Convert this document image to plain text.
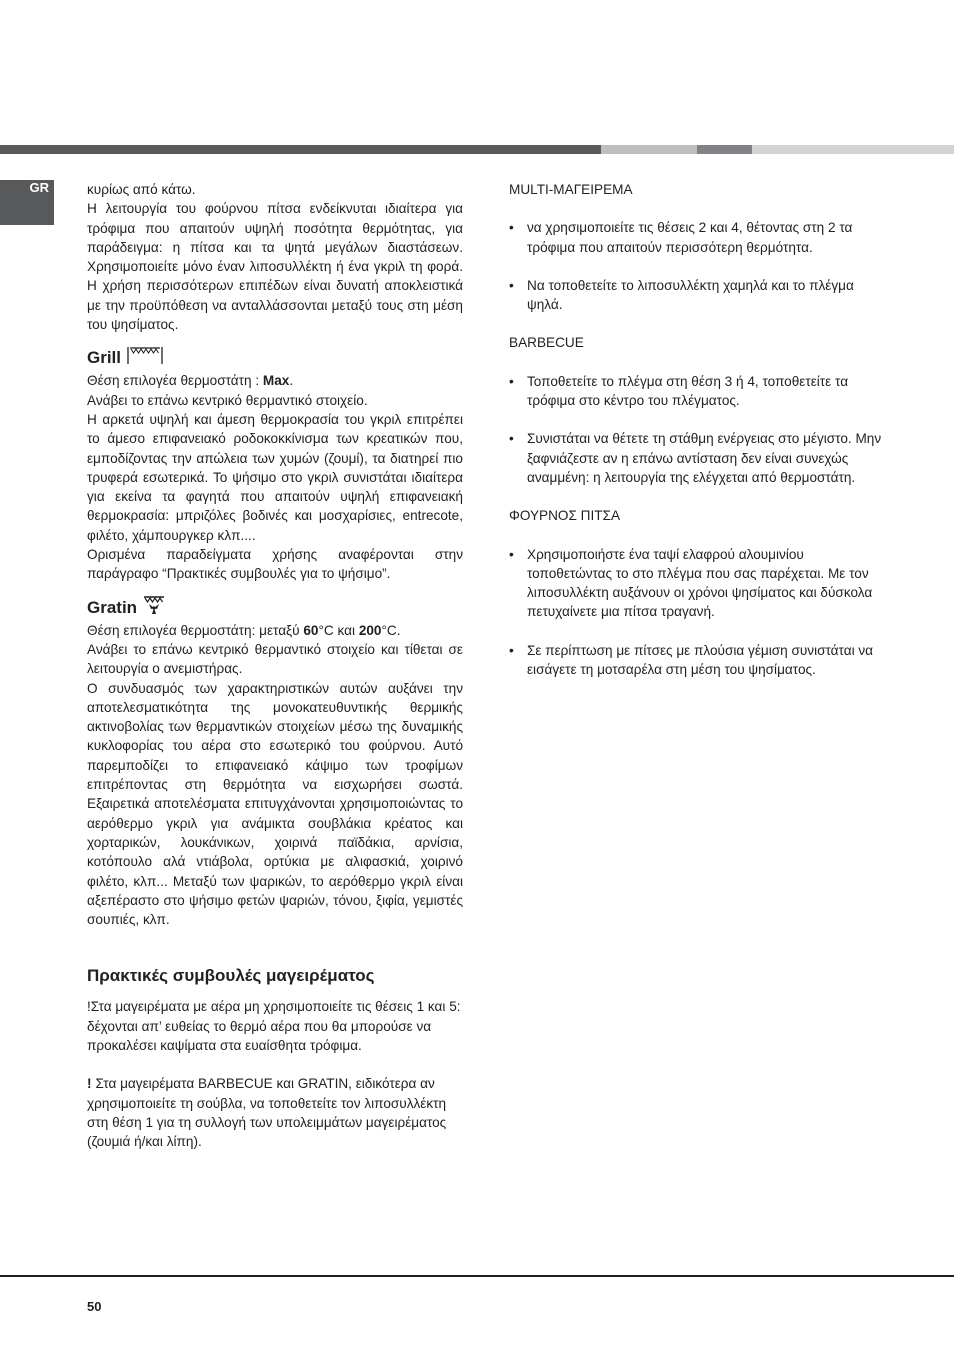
GR	κυρίως από κάτω.

Η λειτουργία του φούρνου πίτσα ενδείκνυται ιδιαίτερα για τρόφιμα που απαιτούν υψηλή ποσότητα θερμότητας, για παράδειγμα: η πίτσα και τα ψητά μεγάλων διαστάσεων. Χρησιμοποιείτε μόνο έναν λιποσυλλέκτη ή ένα γκριλ τη φορά. Η χρήση περισσότερων επιπέδων είναι δυνατή αποκλειστικά με την προϋπόθεση να ανταλλάσσονται μεταξύ τους στη μέση του ψησίματος.

Grill

Θέση επιλογέα θερμοστάτη : Max.

Ανάβει το επάνω κεντρικό θερμαντικό στοιχείο.

Η αρκετά υψηλή και άμεση θερμοκρασία του γκριλ επιτρέπει το άμεσο επιφανειακό ροδοκοκκίνισμα των κρεατικών που, εμποδίζοντας την απώλεια των χυμών (ζουμί), τα διατηρεί πιο τρυφερά εσωτερικά. Το ψήσιμο στο γκριλ συνιστάται ιδιαίτερα για εκείνα τα φαγητά που απαιτούν υψηλή επιφανειακή θερμοκρασία: μπριζόλες βοδινές και μοσχαρίσιες, entrecote, φιλέτο, χάμπουργκερ κλπ....

Ορισμένα παραδείγματα χρήσης αναφέρονται στην παράγραφο “Πρακτικές συμβουλές για το ψήσιμο”.

Gratin

Θέση επιλογέα θερμοστάτη: μεταξύ 60°C και 200°C.

Ανάβει το επάνω κεντρικό θερμαντικό στοιχείο και τίθεται σε λειτουργία ο ανεμιστήρας.

Ο συνδυασμός των χαρακτηριστικών αυτών αυξάνει την αποτελεσματικότητα της μονοκατευθυντικής θερμικής ακτινοβολίας των θερμαντικών στοιχείων μέσω της δυναμικής κυκλοφορίας του αέρα στο εσωτερικό του φούρνου. Αυτό παρεμποδίζει το επιφανειακό κάψιμο των τροφίμων επιτρέποντας στη θερμότητα να εισχωρήσει σωστά. Εξαιρετικά αποτελέσματα επιτυγχάνονται χρησιμοποιώντας το αερόθερμο γκριλ για ανάμικτα σουβλάκια κρέατος και χορταρικών, λουκάνικων, χοιρινά παϊδάκια, αρνίσια, κοτόπουλο αλά ντιάβολα, ορτύκια με αλιφασκιά, χοιρινό φιλέτο, κλπ... Μεταξύ των ψαρικών, το αερόθερμο γκριλ είναι αξεπέραστο στο ψήσιμο φετών ψαριών, τόνου, ξιφία, γεμιστές σουπιές, κλπ.

Πρακτικές συμβουλές μαγειρέματος

!Στα μαγειρέματα με αέρα μη χρησιμοποιείτε τις θέσεις 1 και 5: δέχονται απ’ ευθείας το θερμό αέρα που θα μπορούσε να προκαλέσει καψίματα στα ευαίσθητα τρόφιμα.

! Στα μαγειρέματα BARBECUE και GRATIN, ειδικότερα αν χρησιμοποιείτε τη σούβλα, να τοποθετείτε τον λιποσυλλέκτη στη θέση 1 για τη συλλογή των υπολειμμάτων μαγειρέματος (ζουμιά ή/και λίπη).

MULTI-ΜΑΓΕΙΡΕΜΑ

• να χρησιμοποιείτε τις θέσεις 2 και 4, θέτοντας στη 2 τα τρόφιμα που απαιτούν περισσότερη θερμότητα.
• Να τοποθετείτε το λιποσυλλέκτη χαμηλά και το πλέγμα ψηλά.

BARBECUE

• Τοποθετείτε το πλέγμα στη θέση 3 ή 4, τοποθετείτε τα τρόφιμα στο κέντρο του πλέγματος.
• Συνιστάται να θέτετε τη στάθμη ενέργειας στο μέγιστο. Μην ξαφνιάζεστε αν η επάνω αντίσταση δεν είναι συνεχώς αναμμένη: η λειτουργία της ελέγχεται από θερμοστάτη.

ΦΟΥΡΝΟΣ ΠΙΤΣΑ

• Χρησιμοποιήστε ένα ταψί ελαφρού αλουμινίου τοποθετώντας το στο πλέγμα που σας παρέχεται. Με τον λιποσυλλέκτη αυξάνουν οι χρόνοι ψησίματος και δύσκολα πετυχαίνετε μια πίτσα τραγανή.
• Σε περίπτωση με πίτσες με πλούσια γέμιση συνιστάται να εισάγετε τη μοτσαρέλα στη μέση του ψησίματος.
50
